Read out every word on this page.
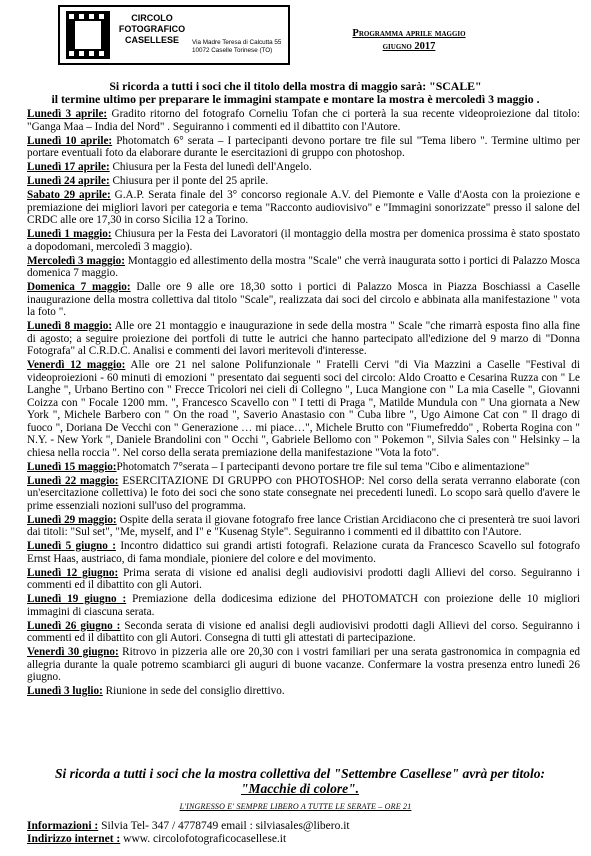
CIRCOLO
FOTOGRAFICO
CASELLESE	Via Madre Teresa di Calcutta 55
10072 Caselle Torinese (TO)
Programma aprile maggio
giugno 2017
Si ricorda a tutti i soci che il titolo della mostra di maggio sarà: "SCALE"
il termine ultimo per preparare le immagini stampate e montare la mostra è mercoledì 3 maggio .
Lunedì 3 aprile: Gradito ritorno del fotografo Corneliu Tofan che ci porterà la sua recente videoproiezione dal titolo: "Ganga Maa – India del Nord" . Seguiranno i commenti ed il dibattito con l'Autore.
Lunedì 10 aprile: Photomatch 6° serata – I partecipanti devono portare tre file sul "Tema libero ". Termine ultimo per portare eventuali foto da elaborare durante le esercitazioni di gruppo con photoshop.
Lunedì 17 aprile: Chiusura per la Festa del lunedì dell'Angelo.
Lunedì 24 aprile: Chiusura per il ponte del 25 aprile.
Sabato 29 aprile: G.A.P. Serata finale del 3° concorso regionale A.V. del Piemonte e Valle d'Aosta con la proiezione e premiazione dei migliori lavori per categoria e tema "Racconto audiovisivo" e "Immagini sonorizzate" presso il salone del CRDC alle ore 17,30 in corso Sicilia 12 a Torino.
Lunedì 1 maggio: Chiusura per la Festa dei Lavoratori (il montaggio della mostra per domenica prossima è stato spostato a dopodomani, mercoledì 3 maggio).
Mercoledì 3 maggio: Montaggio ed allestimento della mostra "Scale" che verrà inaugurata sotto i portici di Palazzo Mosca domenica 7 maggio.
Domenica 7 maggio: Dalle ore 9 alle ore 18,30 sotto i portici di Palazzo Mosca in Piazza Boschiassi a Caselle inaugurazione della mostra collettiva dal titolo "Scale", realizzata dai soci del circolo e abbinata alla manifestazione " vota la foto ".
Lunedì 8 maggio: Alle ore 21 montaggio e inaugurazione in sede della mostra " Scale "che rimarrà esposta fino alla fine di agosto; a seguire proiezione dei portfoli di tutte le autrici che hanno partecipato all'edizione del 9 marzo di "Donna Fotografa" al C.R.D.C. Analisi e commenti dei lavori meritevoli d'interesse.
Venerdì 12 maggio: Alle ore 21 nel salone Polifunzionale " Fratelli Cervi "di Via Mazzini a Caselle "Festival di videoproiezioni - 60 minuti di emozioni " presentato dai seguenti soci del circolo: Aldo Croatto e Cesarina Ruzza con " Le Langhe ", Urbano Bertino con " Frecce Tricolori nei cieli di Collegno ", Luca Mangione con " La mia Caselle ", Giovanni Coizza con " Focale 1200 mm. ", Francesco Scavello con " I tetti di Praga ", Matilde Mundula con " Una giornata a New York ", Michele Barbero con " On the road ", Saverio Anastasio con " Cuba libre ", Ugo Aimone Cat con " Il drago di fuoco ", Doriana De Vecchi con " Generazione … mi piace…", Michele Brutto con "Fiumefreddo" , Roberta Rogina con " N.Y. - New York ", Daniele Brandolini con " Occhi ", Gabriele Bellomo con " Pokemon ", Silvia Sales con " Helsinky – la chiesa nella roccia ". Nel corso della serata premiazione della manifestazione "Vota la foto".
Lunedì 15 maggio:Photomatch 7°serata – I partecipanti devono portare tre file sul tema "Cibo e alimentazione"
Lunedì 22 maggio: ESERCITAZIONE DI GRUPPO con PHOTOSHOP: Nel corso della serata verranno elaborate (con un'esercitazione collettiva) le foto dei soci che sono state consegnate nei precedenti lunedì. Lo scopo sarà quello d'avere le prime essenziali nozioni sull'uso del programma.
Lunedì 29 maggio: Ospite della serata il giovane fotografo free lance Cristian Arcidiacono che ci presenterà tre suoi lavori dai titoli: "Sul set", "Me, myself, and I" e "Kusenag Style". Seguiranno i commenti ed il dibattito con l'Autore.
Lunedì 5 giugno : Incontro didattico sui grandi artisti fotografi. Relazione curata da Francesco Scavello sul fotografo Ernst Haas, austriaco, di fama mondiale, pioniere del colore e del movimento.
Lunedì 12 giugno: Prima serata di visione ed analisi degli audiovisivi prodotti dagli Allievi del corso. Seguiranno i commenti ed il dibattito con gli Autori.
Lunedì 19 giugno : Premiazione della dodicesima edizione del PHOTOMATCH con proiezione delle 10 migliori immagini di ciascuna serata.
Lunedì 26 giugno : Seconda serata di visione ed analisi degli audiovisivi prodotti dagli Allievi del corso. Seguiranno i commenti ed il dibattito con gli Autori. Consegna di tutti gli attestati di partecipazione.
Venerdì 30 giugno: Ritrovo in pizzeria alle ore 20,30 con i vostri familiari per una serata gastronomica in compagnia ed allegria durante la quale potremo scambiarci gli auguri di buone vacanze. Confermare la vostra presenza entro lunedì 26 giugno.
Lunedì 3 luglio: Riunione in sede del consiglio direttivo.
Si ricorda a tutti i soci che la mostra collettiva del "Settembre Casellese" avrà per titolo:
"Macchie di colore".
L'INGRESSO E' SEMPRE LIBERO A TUTTE LE SERATE – ORE 21
Informazioni : Silvia Tel- 347 / 4778749 email : silviasales@libero.it
Indirizzo internet : www. circolofotograficocasellese.it
